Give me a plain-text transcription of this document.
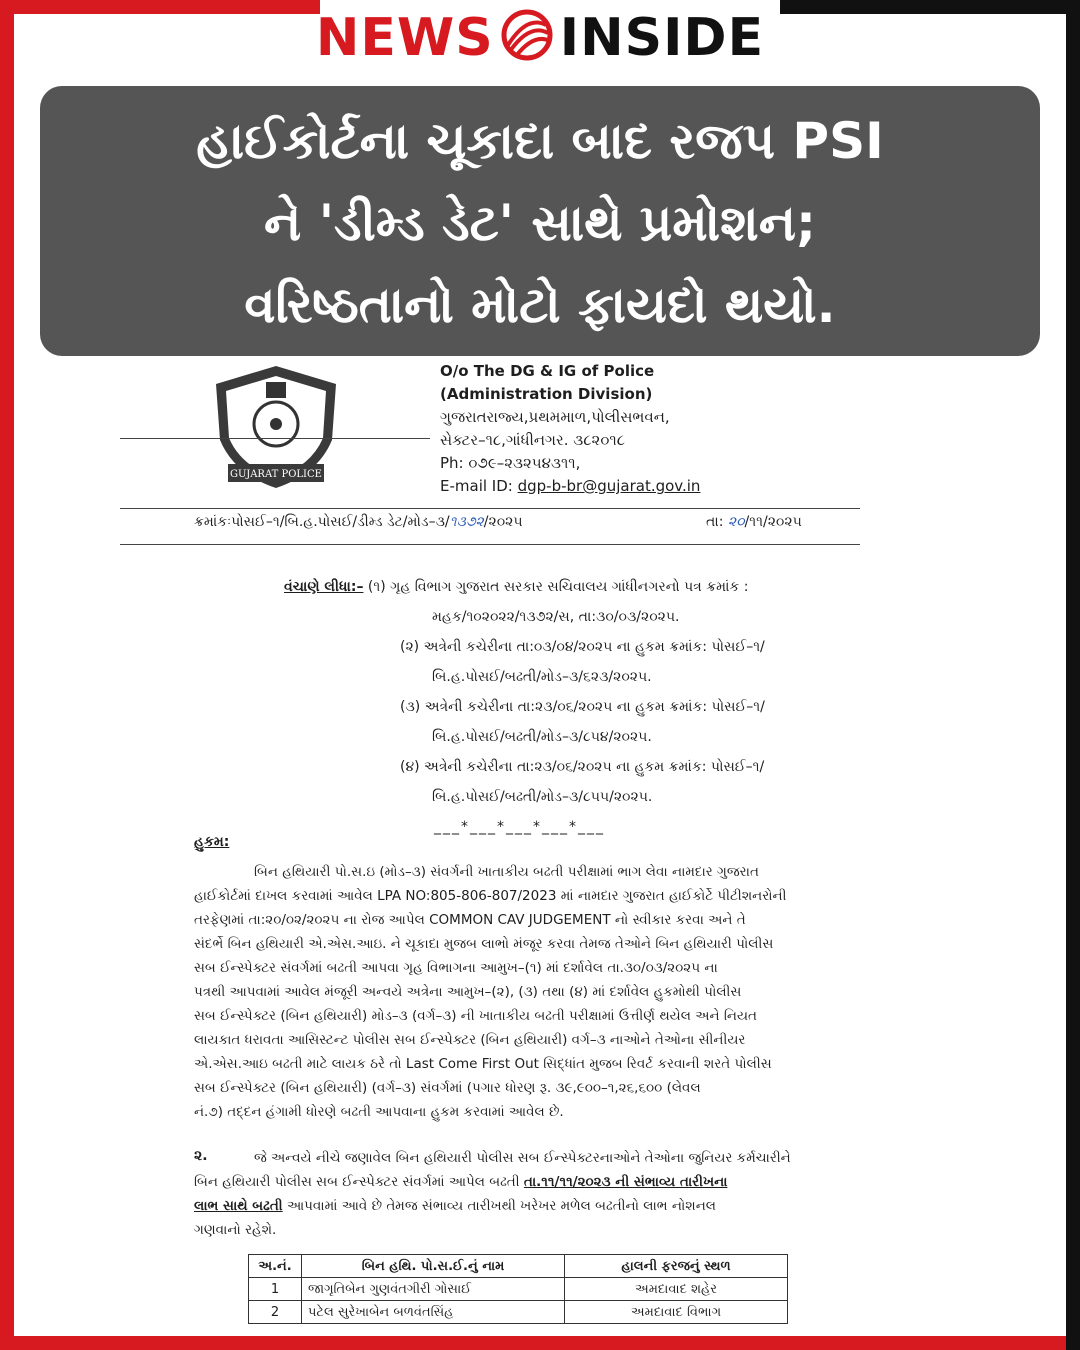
NEWS INSIDE
હાઈકોર્ટના ચૂકાદા બાદ રજપ PSI
ને 'ડીમ્ડ ડેટ' સાથે પ્રમોશન;
વરિષ્ઠતાનો મોટો ફાયદો થયો.
GUJARAT POLICE
O/o The DG & IG of Police
(Administration Division)
ગુજરાતરાજ્ય,પ્રથમમાળ,પોલીસભવન,
સેક્ટર–૧૮,ગાંધીનગર. ૩૮૨૦૧૮
Ph: ૦૭૯–૨૩૨૫૪૩૧૧,
E-mail ID: dgp-b-br@gujarat.gov.in
ક્રમાંકઃપોસઈ–૧/બિ.હ.પોસઈ/ડીમ્ડ ડેટ/મોડ–૩/૧૩૭૨/૨૦૨૫	તા: ૨૦/૧૧/૨૦૨૫
વંચાણે લીધા:– (૧) ગૃહ વિભાગ ગુજરાત સરકાર સચિવાલય ગાંધીનગરનો પત્ર ક્રમાંક :
મહક/૧૦૨૦૨૨/૧૩૭૨/સ, તા:૩૦/૦૩/૨૦૨૫.
(૨) અત્રેની કચેરીના તા:૦૩/૦૪/૨૦૨૫ ના હુકમ ક્રમાંક: પોસઈ–૧/
બિ.હ.પોસઈ/બઢતી/મોડ–૩/૬૨૩/૨૦૨૫.
(૩) અત્રેની કચેરીના તા:૨૩/૦૬/૨૦૨૫ ના હુકમ ક્રમાંક: પોસઈ–૧/
બિ.હ.પોસઈ/બઢતી/મોડ–૩/૮૫૪/૨૦૨૫.
(૪) અત્રેની કચેરીના તા:૨૩/૦૬/૨૦૨૫ ના હુકમ ક્રમાંક: પોસઈ–૧/
બિ.હ.પોસઈ/બઢતી/મોડ–૩/૮૫૫/૨૦૨૫.
___*___*___*___*___
હુકમ:
બિન હથિયારી પો.સ.ઇ (મોડ–૩) સંવર્ગની ખાતાકીય બઢતી પરીક્ષામાં ભાગ લેવા નામદાર ગુજરાત
હાઈકોર્ટમાં દાખલ કરવામાં આવેલ LPA NO:805-806-807/2023 માં નામદાર ગુજરાત હાઈકોર્ટે પીટીશનરોની
તરફેણમાં તા:૨૦/૦૨/૨૦૨૫ ના રોજ આપેલ COMMON CAV JUDGEMENT નો સ્વીકાર કરવા અને તે
સંદર્ભે બિન હથિયારી એ.એસ.આઇ. ને ચૂકાદા મુજબ લાભો મંજૂર કરવા તેમજ તેઓને બિન હથિયારી પોલીસ
સબ ઈન્સ્પેક્ટર સંવર્ગમાં બઢતી આપવા ગૃહ વિભાગના આમુખ–(૧) માં દર્શાવેલ તા.૩૦/૦૩/૨૦૨૫ ના
પત્રથી આપવામાં આવેલ મંજૂરી અન્વયે અત્રેના આમુખ–(૨), (૩) તથા (૪) માં દર્શાવેલ હુકમોથી પોલીસ
સબ ઈન્સ્પેક્ટર (બિન હથિયારી) મોડ–૩ (વર્ગ–૩) ની ખાતાકીય બઢતી પરીક્ષામાં ઉત્તીર્ણ થયેલ અને નિયત
લાયકાત ધરાવતા આસિસ્ટન્ટ પોલીસ સબ ઈન્સ્પેક્ટર (બિન હથિયારી) વર્ગ–૩ નાઓને તેઓના સીનીયર
એ.એસ.આઇ બઢતી માટે લાયક ઠરે તો Last Come First Out સિદ્ધાંત મુજબ રિવર્ટ કરવાની શરતે પોલીસ
સબ ઈન્સ્પેક્ટર (બિન હથિયારી) (વર્ગ–૩) સંવર્ગમાં (પગાર ધોરણ રૂ. ૩૯,૯૦૦–૧,૨૬,૬૦૦ (લેવલ
નં.૭) તદ્દન હંગામી ધોરણે બઢતી આપવાના હુકમ કરવામાં આવેલ છે.
૨.	જે અન્વયે નીચે જણાવેલ બિન હથિયારી પોલીસ સબ ઈન્સ્પેક્ટરનાઓને તેઓના જુનિયર કર્મચારીને
બિન હથિયારી પોલીસ સબ ઈન્સ્પેક્ટર સંવર્ગમાં આપેલ બઢતી તા.૧૧/૧૧/૨૦૨૩ ની સંભાવ્ય તારીખના
લાભ સાથે બઢતી આપવામાં આવે છે તેમજ સંભાવ્ય તારીખથી ખરેખર મળેલ બઢતીનો લાભ નોશનલ
ગણવાનો રહેશે.
અ.નં.	બિન હથિ. પો.સ.ઈ.નું નામ	હાલની ફરજનું સ્થળ
1	જાગૃતિબેન ગુણવંતગીરી ગોસાઈ	અમદાવાદ શહેર
2	પટેલ સુરેખાબેન બળવંતસિંહ	અમદાવાદ વિભાગ
